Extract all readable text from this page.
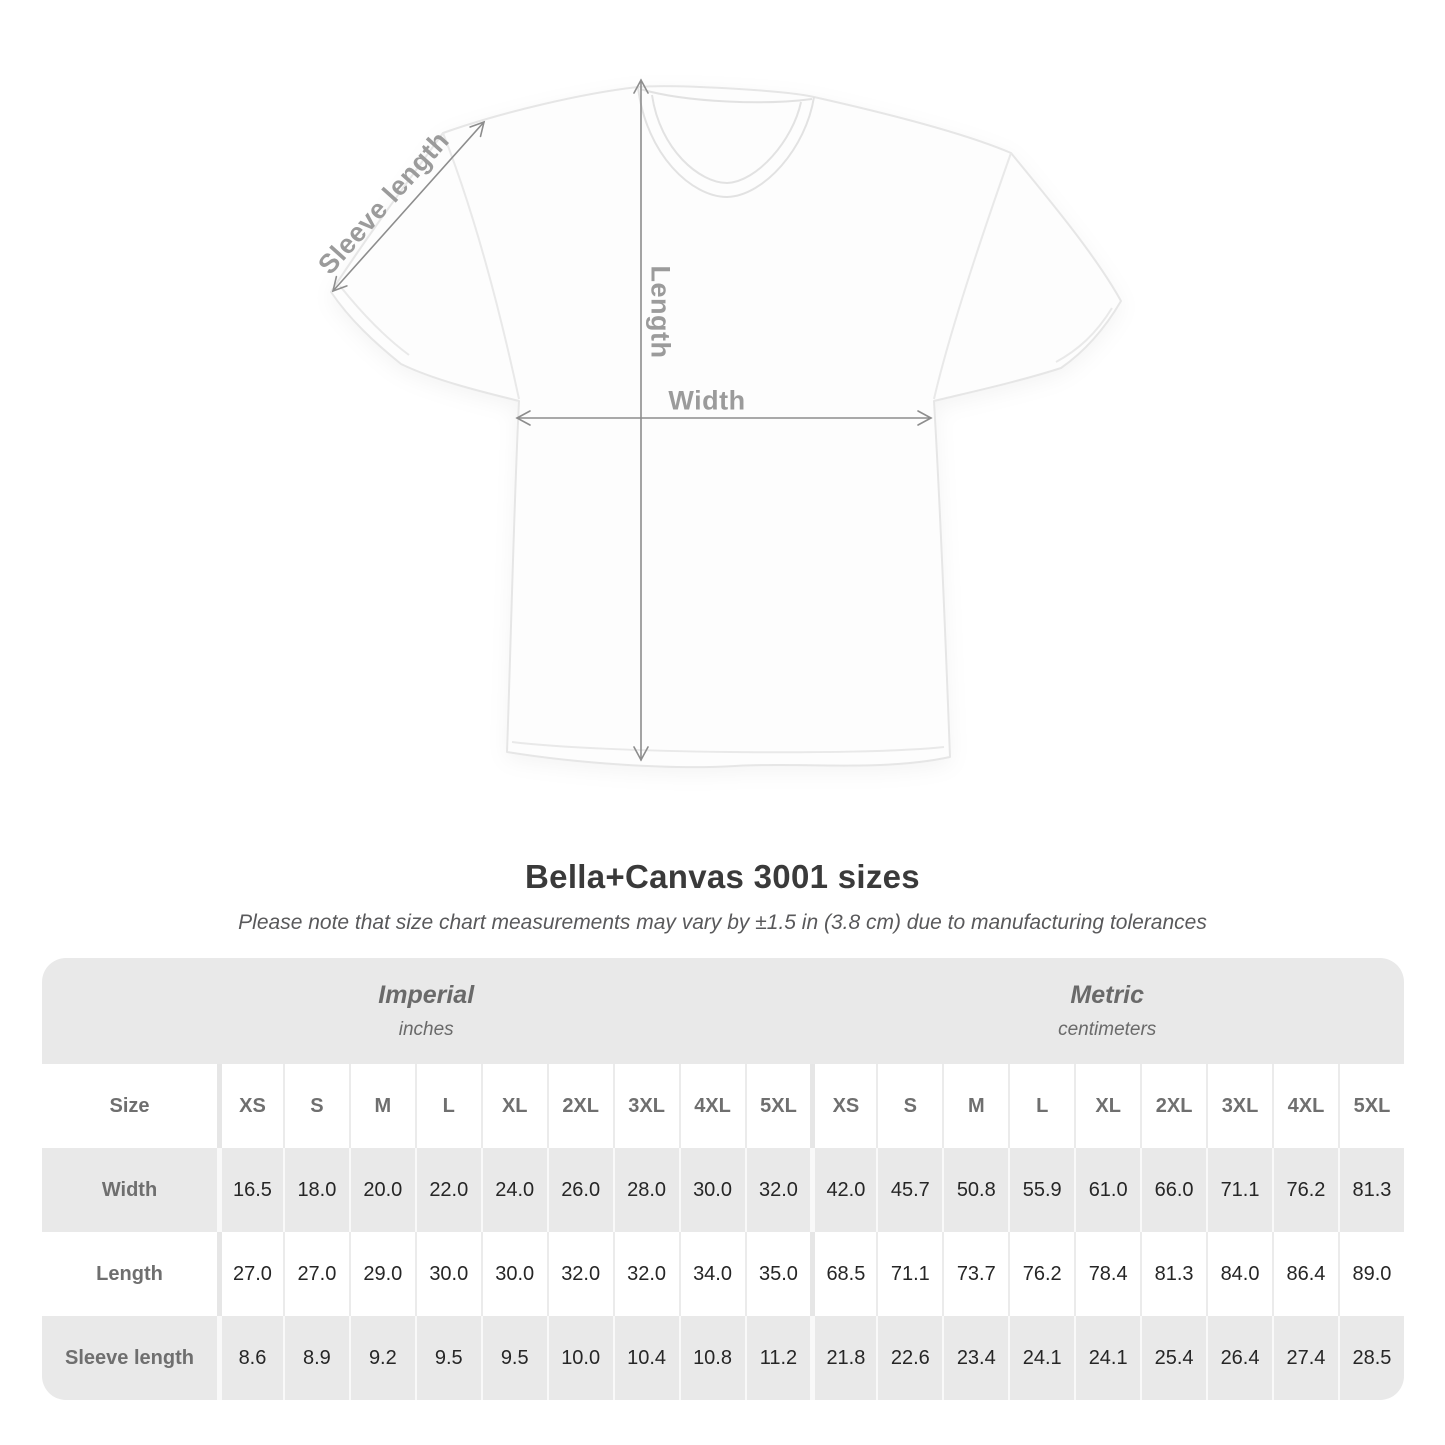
Sleeve length
Length
Width
Bella+Canvas 3001 sizes
Please note that size chart measurements may vary by ±1.5 in (3.8 cm) due to manufacturing tolerances
Imperial
inches

Metric
centimeters

Size	XS	S	M	L	XL	2XL	3XL	4XL	5XL	XS	S	M	L	XL	2XL	3XL	4XL	5XL
Width	16.5	18.0	20.0	22.0	24.0	26.0	28.0	30.0	32.0	42.0	45.7	50.8	55.9	61.0	66.0	71.1	76.2	81.3
Length	27.0	27.0	29.0	30.0	30.0	32.0	32.0	34.0	35.0	68.5	71.1	73.7	76.2	78.4	81.3	84.0	86.4	89.0
Sleeve length	8.6	8.9	9.2	9.5	9.5	10.0	10.4	10.8	11.2	21.8	22.6	23.4	24.1	24.1	25.4	26.4	27.4	28.5
